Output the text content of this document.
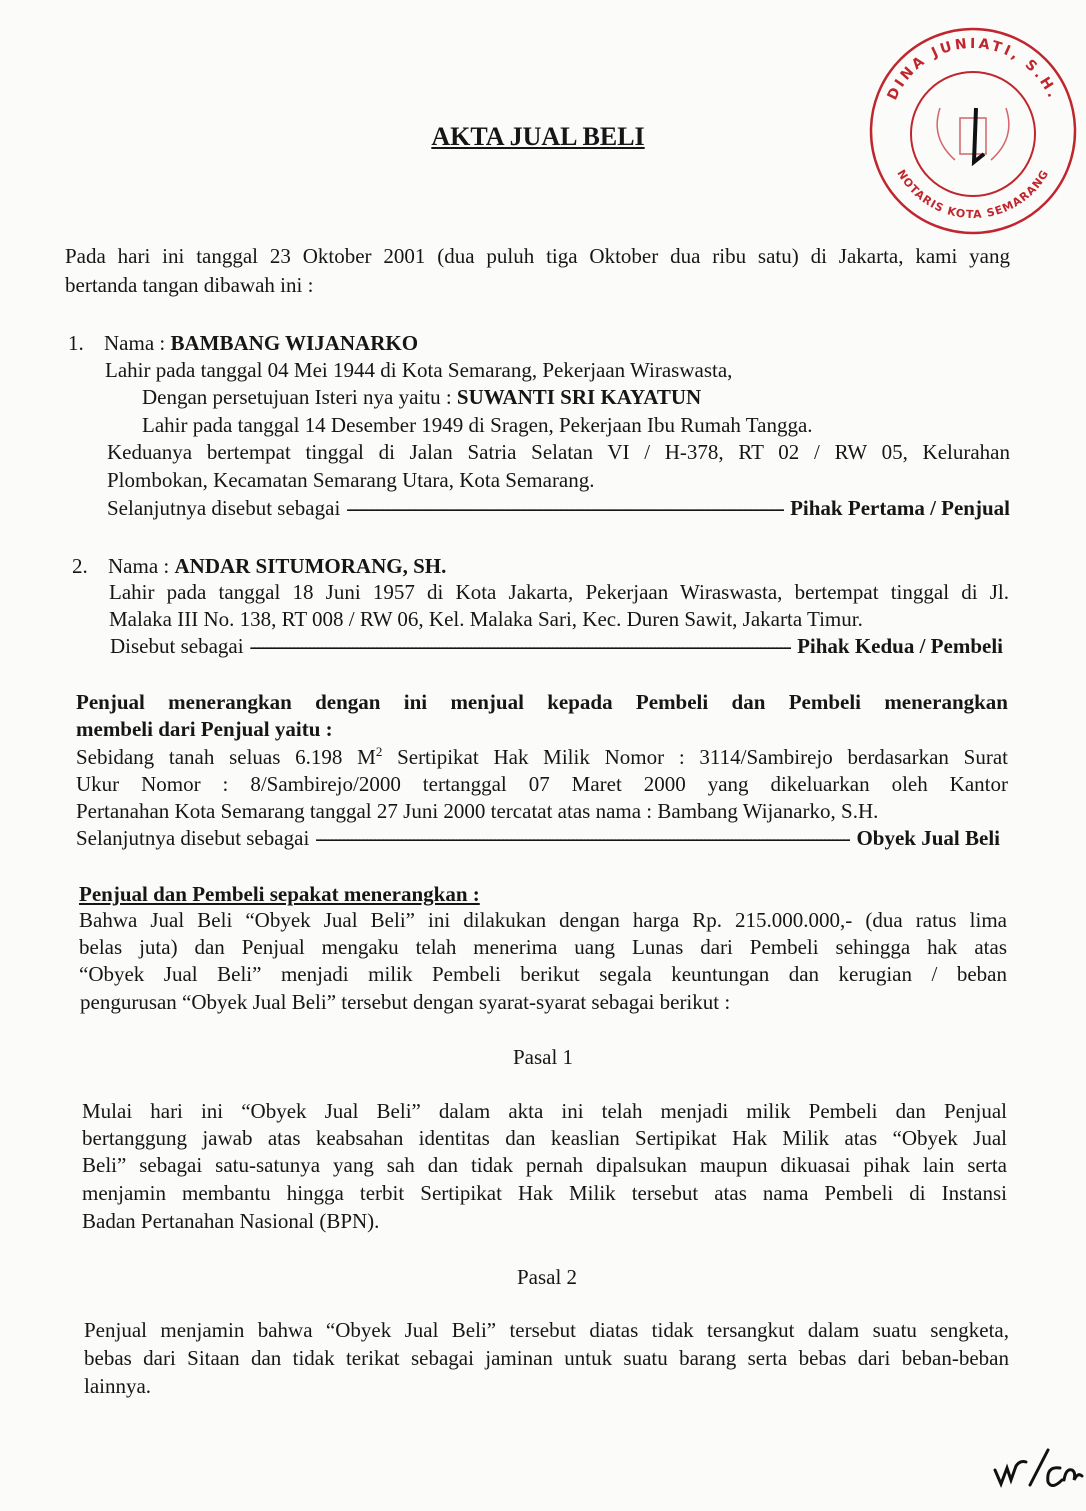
AKTA JUAL BELI
Pada hari ini tanggal 23 Oktober 2001 (dua puluh tiga Oktober dua ribu satu) di Jakarta, kami yang
bertanda tangan dibawah ini :
1. Nama : BAMBANG WIJANARKO
Lahir pada tanggal 04 Mei 1944 di Kota Semarang, Pekerjaan Wiraswasta,
Dengan persetujuan Isteri nya yaitu : SUWANTI SRI KAYATUN
Lahir pada tanggal 14 Desember 1949 di Sragen, Pekerjaan Ibu Rumah Tangga.
Keduanya bertempat tinggal di Jalan Satria Selatan VI / H-378, RT 02 / RW 05, Kelurahan
Plombokan, Kecamatan Semarang Utara, Kota Semarang.
Selanjutnya disebut sebagai ------------------------------------------------------------------------------------------------------------------------------------------ Pihak Pertama / Penjual
2. Nama : ANDAR SITUMORANG, SH.
Lahir pada tanggal 18 Juni 1957 di Kota Jakarta, Pekerjaan Wiraswasta, bertempat tinggal di Jl.
Malaka III No. 138, RT 008 / RW 06, Kel. Malaka Sari, Kec. Duren Sawit, Jakarta Timur.
Disebut sebagai ------------------------------------------------------------------------------------------------------------------------------------------ Pihak Kedua / Pembeli
Penjual menerangkan dengan ini menjual kepada Pembeli dan Pembeli menerangkan
membeli dari Penjual yaitu :
Sebidang tanah seluas 6.198 $M^2$ Sertipikat Hak Milik Nomor : 3114/Sambirejo berdasarkan Surat
Ukur Nomor : 8/Sambirejo/2000 tertanggal 07 Maret 2000 yang dikeluarkan oleh Kantor
Pertanahan Kota Semarang tanggal 27 Juni 2000 tercatat atas nama : Bambang Wijanarko, S.H.
Selanjutnya disebut sebagai ------------------------------------------------------------------------------------------------------------------------------------------ Obyek Jual Beli
Penjual dan Pembeli sepakat menerangkan :
Bahwa Jual Beli “Obyek Jual Beli” ini dilakukan dengan harga Rp. 215.000.000,- (dua ratus lima
belas juta) dan Penjual mengaku telah menerima uang Lunas dari Pembeli sehingga hak atas
“Obyek Jual Beli” menjadi milik Pembeli berikut segala keuntungan dan kerugian / beban
pengurusan “Obyek Jual Beli” tersebut dengan syarat-syarat sebagai berikut :
Pasal 1
Mulai hari ini “Obyek Jual Beli” dalam akta ini telah menjadi milik Pembeli dan Penjual
bertanggung jawab atas keabsahan identitas dan keaslian Sertipikat Hak Milik atas “Obyek Jual
Beli” sebagai satu-satunya yang sah dan tidak pernah dipalsukan maupun dikuasai pihak lain serta
menjamin membantu hingga terbit Sertipikat Hak Milik tersebut atas nama Pembeli di Instansi
Badan Pertanahan Nasional (BPN).
Pasal 2
Penjual menjamin bahwa “Obyek Jual Beli” tersebut diatas tidak tersangkut dalam suatu sengketa,
bebas dari Sitaan dan tidak terikat sebagai jaminan untuk suatu barang serta bebas dari beban-beban
lainnya.
DINA JUNIATI, S.H.
NOTARIS KOTA SEMARANG
